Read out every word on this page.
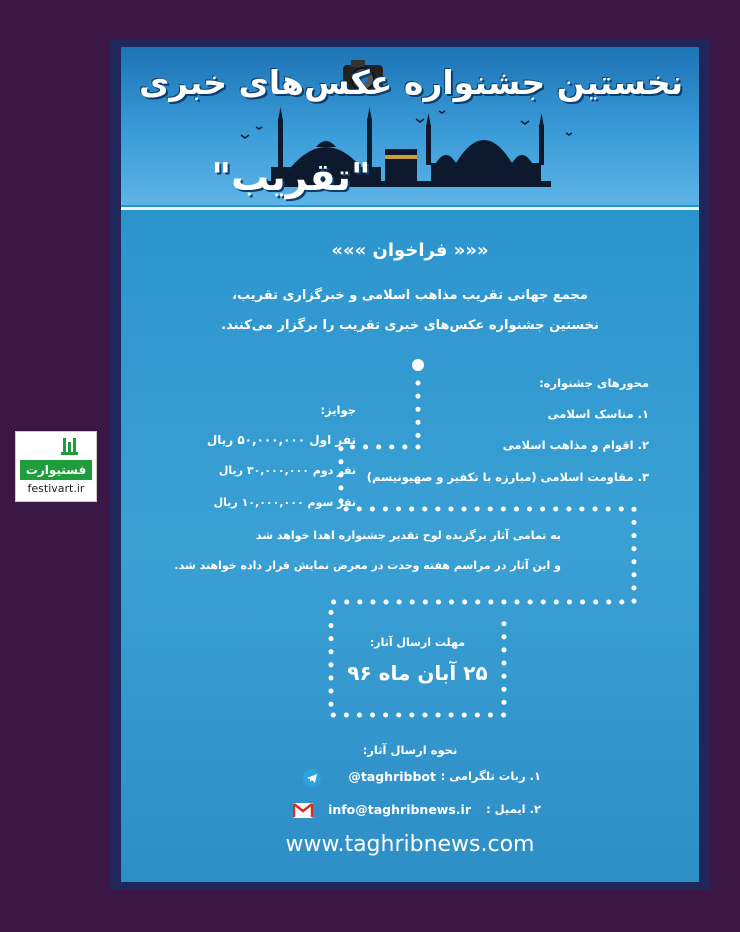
نخستین جشنواره عکس‌های خبری
"تقریب"
««« فراخوان »»»
مجمع جهانی تقریب مذاهب اسلامی و خبرگزاری تقریب،
نخستین جشنواره عکس‌های خبری تقریب را برگزار می‌کنند.
محورهای جشنواره:
۱. مناسک اسلامی
۲. اقوام و مذاهب اسلامی
۳. مقاومت اسلامی (مبارزه با تکفیر و صهیونیسم)
جوایز:
نفر اول ۵۰,۰۰۰,۰۰۰ ریال
نفر دوم ۳۰,۰۰۰,۰۰۰ ریال
نفر سوم ۱۰,۰۰۰,۰۰۰ ریال
به تمامی آثار برگزیده لوح تقدیر جشنواره اهدا خواهد شد
و این آثار در مراسم هفته وحدت در معرض نمایش قرار داده خواهند شد.
مهلت ارسال آثار:
۲۵ آبان ماه ۹۶
نحوه ارسال آثار:
۱. ربات تلگرامی :
@taghribbot
۲. ایمیل :
info@taghribnews.ir
www.taghribnews.com
فستیوارت
festivart.ir
